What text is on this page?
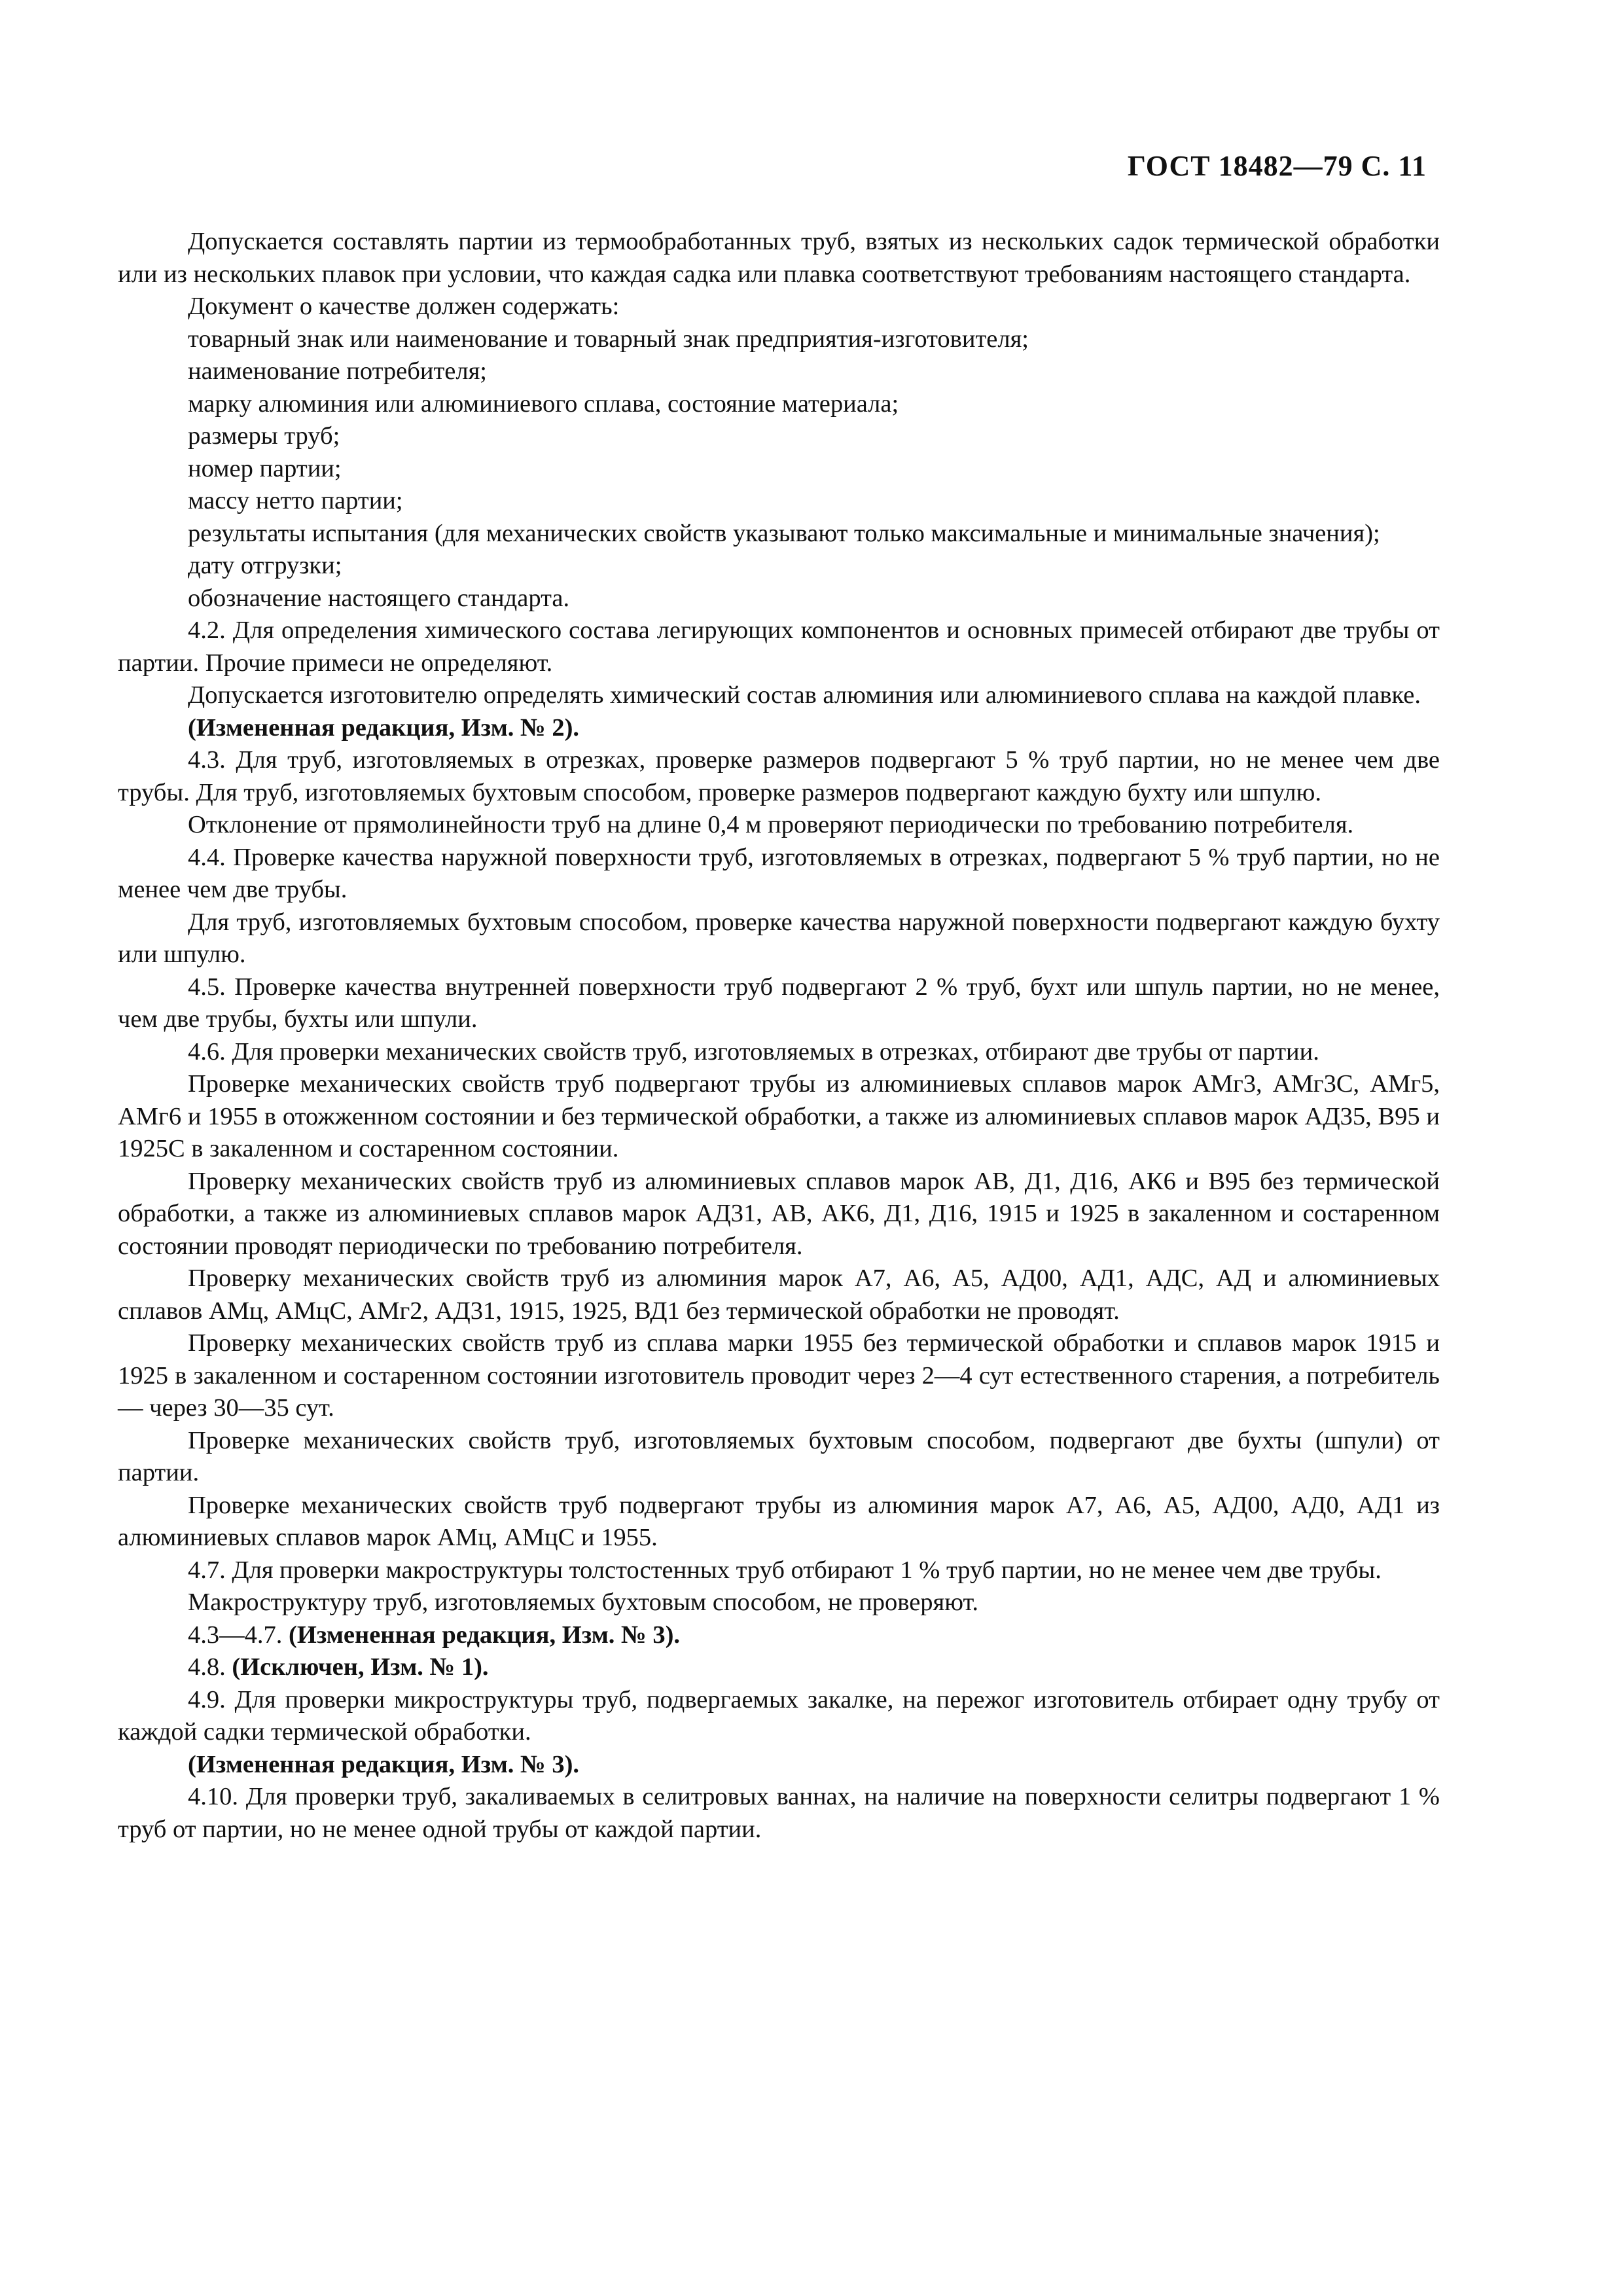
ГОСТ 18482—79 С. 11

Допускается составлять партии из термообработанных труб, взятых из нескольких садок термической обработки или из нескольких плавок при условии, что каждая садка или плавка соответствуют требованиям настоящего стандарта.

Документ о качестве должен содержать:

товарный знак или наименование и товарный знак предприятия-изготовителя;

наименование потребителя;

марку алюминия или алюминиевого сплава, состояние материала;

размеры труб;

номер партии;

массу нетто партии;

результаты испытания (для механических свойств указывают только максимальные и минимальные значения);

дату отгрузки;

обозначение настоящего стандарта.

4.2. Для определения химического состава легирующих компонентов и основных примесей отбирают две трубы от партии. Прочие примеси не определяют.

Допускается изготовителю определять химический состав алюминия или алюминиевого сплава на каждой плавке.

(Измененная редакция, Изм. № 2).

4.3. Для труб, изготовляемых в отрезках, проверке размеров подвергают 5 % труб партии, но не менее чем две трубы. Для труб, изготовляемых бухтовым способом, проверке размеров подвергают каждую бухту или шпулю.

Отклонение от прямолинейности труб на длине 0,4 м проверяют периодически по требованию потребителя.

4.4. Проверке качества наружной поверхности труб, изготовляемых в отрезках, подвергают 5 % труб партии, но не менее чем две трубы.

Для труб, изготовляемых бухтовым способом, проверке качества наружной поверхности подвергают каждую бухту или шпулю.

4.5. Проверке качества внутренней поверхности труб подвергают 2 % труб, бухт или шпуль партии, но не менее, чем две трубы, бухты или шпули.

4.6. Для проверки механических свойств труб, изготовляемых в отрезках, отбирают две трубы от партии.

Проверке механических свойств труб подвергают трубы из алюминиевых сплавов марок АМг3, АМг3С, АМг5, АМг6 и 1955 в отожженном состоянии и без термической обработки, а также из алюминиевых сплавов марок АД35, В95 и 1925С в закаленном и состаренном состоянии.

Проверку механических свойств труб из алюминиевых сплавов марок АВ, Д1, Д16, АК6 и В95 без термической обработки, а также из алюминиевых сплавов марок АД31, АВ, АК6, Д1, Д16, 1915 и 1925 в закаленном и состаренном состоянии проводят периодически по требованию потребителя.

Проверку механических свойств труб из алюминия марок А7, А6, А5, АД00, АД1, АДС, АД и алюминиевых сплавов АМц, АМцС, АМг2, АД31, 1915, 1925, ВД1 без термической обработки не проводят.

Проверку механических свойств труб из сплава марки 1955 без термической обработки и сплавов марок 1915 и 1925 в закаленном и состаренном состоянии изготовитель проводит через 2—4 сут естественного старения, а потребитель — через 30—35 сут.

Проверке механических свойств труб, изготовляемых бухтовым способом, подвергают две бухты (шпули) от партии.

Проверке механических свойств труб подвергают трубы из алюминия марок А7, А6, А5, АД00, АД0, АД1 из алюминиевых сплавов марок АМц, АМцС и 1955.

4.7. Для проверки макроструктуры толстостенных труб отбирают 1 % труб партии, но не менее чем две трубы.

Макроструктуру труб, изготовляемых бухтовым способом, не проверяют.

4.3—4.7. (Измененная редакция, Изм. № 3).

4.8. (Исключен, Изм. № 1).

4.9. Для проверки микроструктуры труб, подвергаемых закалке, на пережог изготовитель отбирает одну трубу от каждой садки термической обработки.

(Измененная редакция, Изм. № 3).

4.10. Для проверки труб, закаливаемых в селитровых ваннах, на наличие на поверхности селитры подвергают 1 % труб от партии, но не менее одной трубы от каждой партии.
